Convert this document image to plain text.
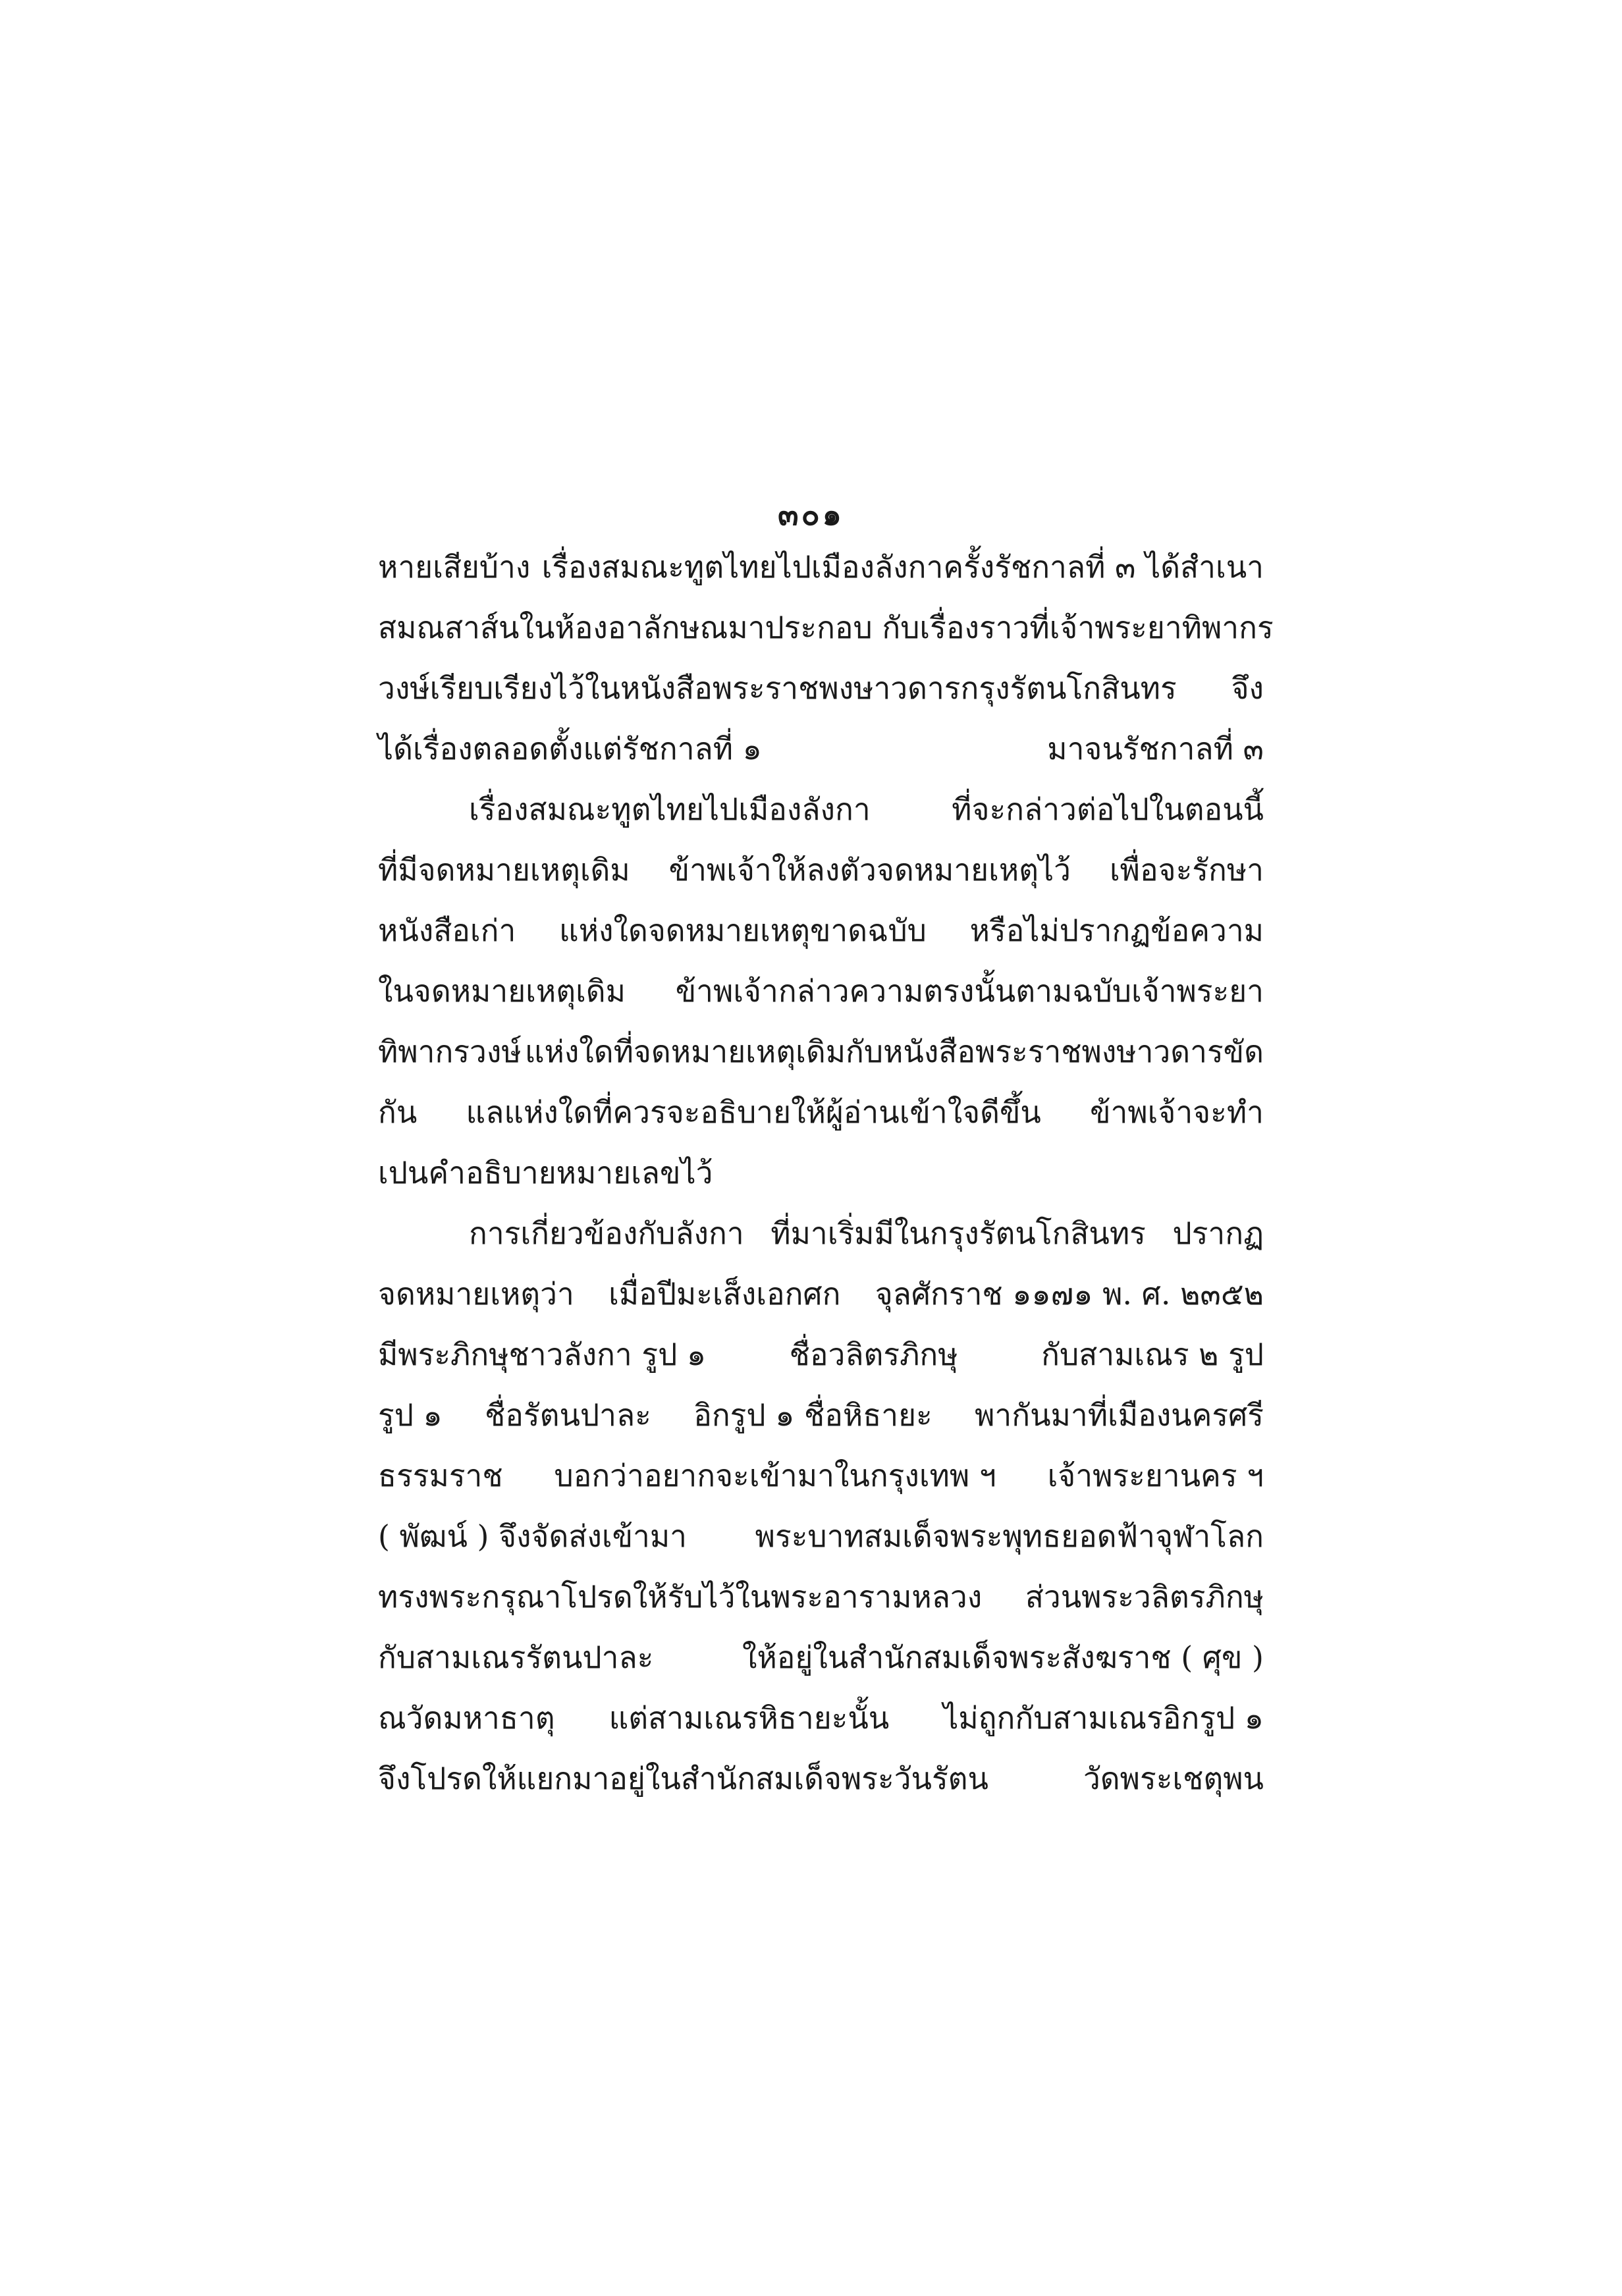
๓๐๑
หายเสียบ้าง เรื่องสมณะทูตไทยไปเมืองลังกาครั้งรัชกาลที่ ๓ ได้สำเนา
สมณสาส์นในห้องอาลักษณมาประกอบ กับเรื่องราวที่เจ้าพระยาทิพากร
วงษ์เรียบเรียงไว้ในหนังสือพระราชพงษาวดารกรุงรัตนโกสินทร จึง
ได้เรื่องตลอดตั้งแต่รัชกาลที่ ๑	มาจนรัชกาลที่ ๓
เรื่องสมณะทูตไทยไปเมืองลังกา	ที่จะกล่าวต่อไปในตอนนี้
ที่มีจดหมายเหตุเดิม ข้าพเจ้าให้ลงตัวจดหมายเหตุไว้ เพื่อจะรักษา
หนังสือเก่า แห่งใดจดหมายเหตุขาดฉบับ หรือไม่ปรากฏข้อความ
ในจดหมายเหตุเดิม ข้าพเจ้ากล่าวความตรงนั้นตามฉบับเจ้าพระยา
ทิพากรวงษ์ แห่งใดที่จดหมายเหตุเดิมกับหนังสือพระราชพงษาวดารขัด
กัน แลแห่งใดที่ควรจะอธิบายให้ผู้อ่านเข้าใจดีขึ้น ข้าพเจ้าจะทำ
เปนคำอธิบายหมายเลขไว้
การเกี่ยวข้องกับลังกา ที่มาเริ่มมีในกรุงรัตนโกสินทร ปรากฏ
จดหมายเหตุว่า เมื่อปีมะเส็งเอกศก จุลศักราช ๑๑๗๑ พ. ศ. ๒๓๕๒
มีพระภิกษุชาวลังกา รูป ๑	ชื่อวลิตรภิกษุ	กับสามเณร ๒ รูป
รูป ๑ ชื่อรัตนปาละ อิกรูป ๑ ชื่อหิธายะ พากันมาที่เมืองนครศรี
ธรรมราช บอกว่าอยากจะเข้ามาในกรุงเทพ ฯ เจ้าพระยานคร ฯ
( พัฒน์ ) จึงจัดส่งเข้ามา พระบาทสมเด็จพระพุทธยอดฟ้าจุฬาโลก
ทรงพระกรุณาโปรดให้รับไว้ในพระอารามหลวง ส่วนพระวลิตรภิกษุ
กับสามเณรรัตนปาละ	ให้อยู่ในสำนักสมเด็จพระสังฆราช ( ศุข )
ณวัดมหาธาตุ แต่สามเณรหิธายะนั้น ไม่ถูกกับสามเณรอิกรูป ๑
จึงโปรดให้แยกมาอยู่ในสำนักสมเด็จพระวันรัตน	วัดพระเชตุพน
